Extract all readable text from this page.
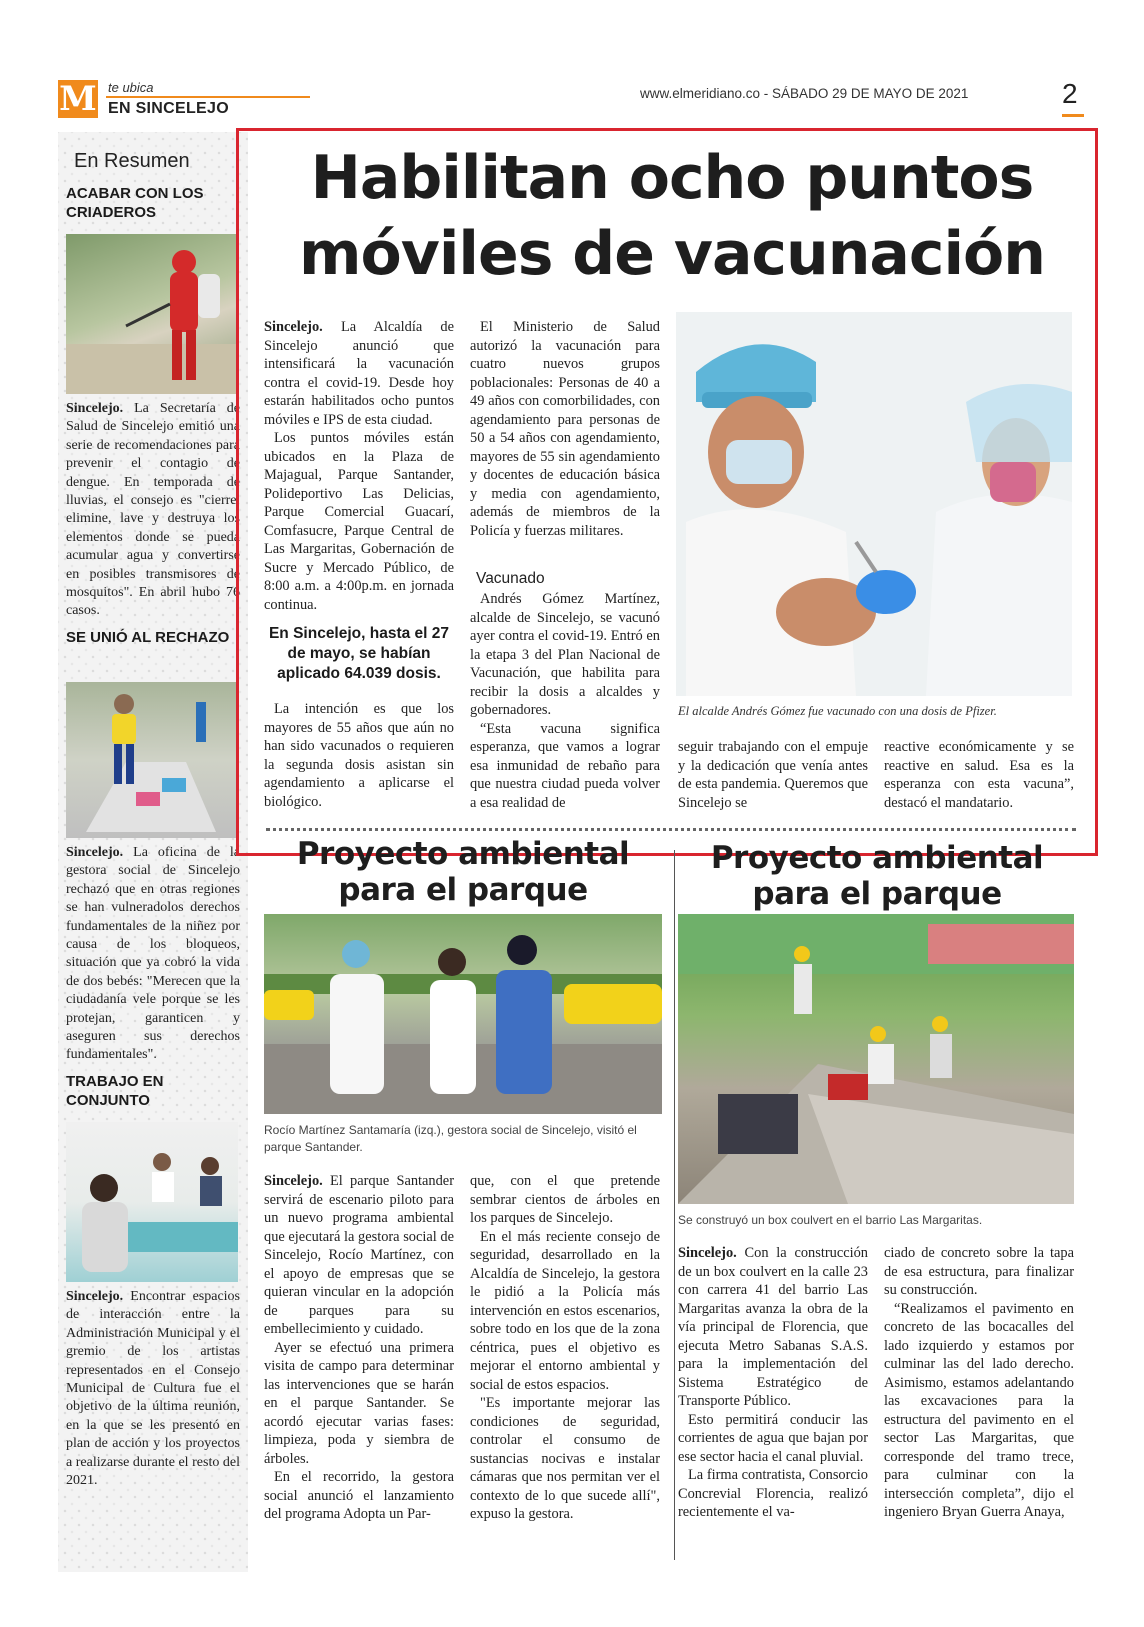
M te ubica
EN SINCELEJO
www.elmeridiano.co - SÁBADO 29 DE MAYO DE 2021	2
En Resumen
ACABAR CON LOS CRIADEROS
Sincelejo. La Secretaría de Salud de Sincelejo emitió una serie de recomendaciones para prevenir el contagio de dengue. En temporada de lluvias, el consejo es "cierre, elimine, lave y destruya los elementos donde se pueda acumular agua y convertirse en posibles transmisores de mosquitos". En abril hubo 76 casos.
SE UNIÓ AL RECHAZO
Sincelejo. La oficina de la gestora social de Sincelejo rechazó que en otras regiones se han vulneradolos derechos fundamentales de la niñez por causa de los bloqueos, situación que ya cobró la vida de dos bebés: "Merecen que la ciudadanía vele porque se les protejan, garanticen y aseguren sus derechos fundamentales".
TRABAJO EN CONJUNTO
Sincelejo. Encontrar espacios de interacción entre la Administración Municipal y el gremio de los artistas representados en el Consejo Municipal de Cultura fue el objetivo de la última reunión, en la que se les presentó en plan de acción y los proyectos a realizarse durante el resto del 2021.
Habilitan ocho puntos móviles de vacunación

Sincelejo. La Alcaldía de Sincelejo anunció que intensificará la vacunación contra el covid-19. Desde hoy estarán habilitados ocho puntos móviles e IPS de esta ciudad.

Los puntos móviles están ubicados en la Plaza de Majagual, Parque Santander, Polideportivo Las Delicias, Parque Comercial Guacarí, Comfasucre, Parque Central de Las Margaritas, Gobernación de Sucre y Mercado Público, de 8:00 a.m. a 4:00p.m. en jornada continua.

En Sincelejo, hasta el 27 de mayo, se habían aplicado 64.039 dosis.

La intención es que los mayores de 55 años que aún no han sido vacunados o requieren la segunda dosis asistan sin agendamiento a aplicarse el biológico.

El Ministerio de Salud autorizó la vacunación para cuatro nuevos grupos poblacionales: Personas de 40 a 49 años con comorbilidades, con agendamiento para personas de 50 a 54 años con agendamiento, mayores de 55 sin agendamiento y docentes de educación básica y media con agendamiento, además de miembros de la Policía y fuerzas militares.

Vacunado

Andrés Gómez Martínez, alcalde de Sincelejo, se vacunó ayer contra el covid-19. Entró en la etapa 3 del Plan Nacional de Vacunación, que habilita para recibir la dosis a alcaldes y gobernadores.

“Esta vacuna significa esperanza, que vamos a lograr esa inmunidad de rebaño para que nuestra ciudad pueda volver a esa realidad de

El alcalde Andrés Gómez fue vacunado con una dosis de Pfizer.

seguir trabajando con el empuje y la dedicación que venía antes de esta pandemia. Queremos que Sincelejo se

reactive económicamente y se reactive en salud. Esa es la esperanza con esta vacuna”, destacó el mandatario.

Proyecto ambiental para el parque
Rocío Martínez Santamaría (izq.), gestora social de Sincelejo, visitó el parque Santander.

Sincelejo. El parque Santander servirá de escenario piloto para un nuevo programa ambiental que ejecutará la gestora social de Sincelejo, Rocío Martínez, con el apoyo de empresas que se quieran vincular en la adopción de parques para su embellecimiento y cuidado.

Ayer se efectuó una primera visita de campo para determinar las intervenciones que se harán en el parque Santander. Se acordó ejecutar varias fases: limpieza, poda y siembra de árboles.

En el recorrido, la gestora social anunció el lanzamiento del programa Adopta un Par-

que, con el que pretende sembrar cientos de árboles en los parques de Sincelejo.

En el más reciente consejo de seguridad, desarrollado en la Alcaldía de Sincelejo, la gestora le pidió a la Policía más intervención en estos escenarios, sobre todo en los que de la zona céntrica, pues el objetivo es mejorar el entorno ambiental y social de estos espacios.

"Es importante mejorar las condiciones de seguridad, controlar el consumo de sustancias nocivas e instalar cámaras que nos permitan ver el contexto de lo que sucede allí", expuso la gestora.

Proyecto ambiental para el parque
Se construyó un box coulvert en el barrio Las Margaritas.

Sincelejo. Con la construcción de un box coulvert en la calle 23 con carrera 41 del barrio Las Margaritas avanza la obra de la vía principal de Florencia, que ejecuta Metro Sabanas S.A.S. para la implementación del Sistema Estratégico de Transporte Público.

Esto permitirá conducir las corrientes de agua que bajan por ese sector hacia el canal pluvial.

La firma contratista, Consorcio Concrevial Florencia, realizó recientemente el va-

ciado de concreto sobre la tapa de esa estructura, para finalizar su construcción.

“Realizamos el pavimento en concreto de las bocacalles del lado izquierdo y estamos por culminar las del lado derecho. Asimismo, estamos adelantando las excavaciones para la estructura del pavimento en el sector Las Margaritas, que corresponde del tramo trece, para culminar con la intersección completa”, dijo el ingeniero Bryan Guerra Anaya,
